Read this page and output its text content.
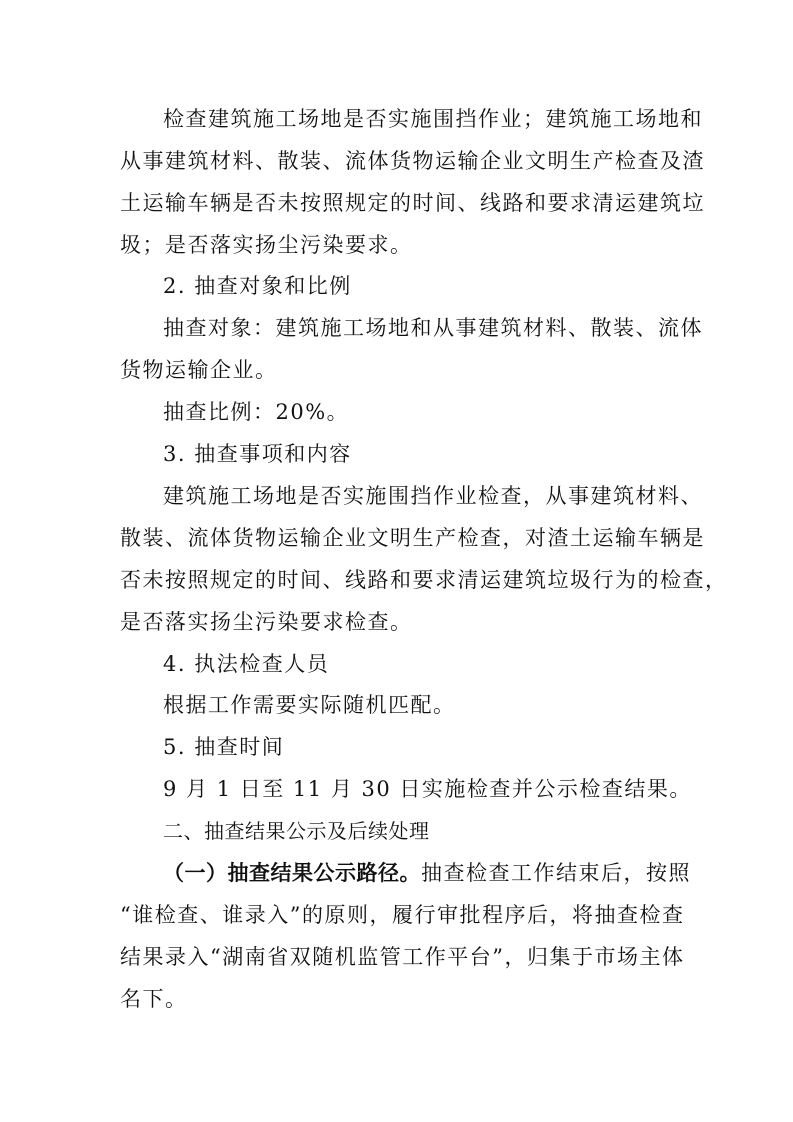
检查建筑施工场地是否实施围挡作业；建筑施工场地和
从事建筑材料、散装、流体货物运输企业文明生产检查及渣
土运输车辆是否未按照规定的时间、线路和要求清运建筑垃
圾；是否落实扬尘污染要求。
2. 抽查对象和比例
抽查对象：建筑施工场地和从事建筑材料、散装、流体
货物运输企业。
抽查比例：20%。
3. 抽查事项和内容
建筑施工场地是否实施围挡作业检查，从事建筑材料、
散装、流体货物运输企业文明生产检查，对渣土运输车辆是
否未按照规定的时间、线路和要求清运建筑垃圾行为的检查，
是否落实扬尘污染要求检查。
4. 执法检查人员
根据工作需要实际随机匹配。
5. 抽查时间
9 月 1 日至 11 月 30 日实施检查并公示检查结果。
二、抽查结果公示及后续处理
（一）抽查结果公示路径。抽查检查工作结束后，按照
“谁检查、谁录入”的原则，履行审批程序后，将抽查检查
结果录入“湖南省双随机监管工作平台”，归集于市场主体
名下。
